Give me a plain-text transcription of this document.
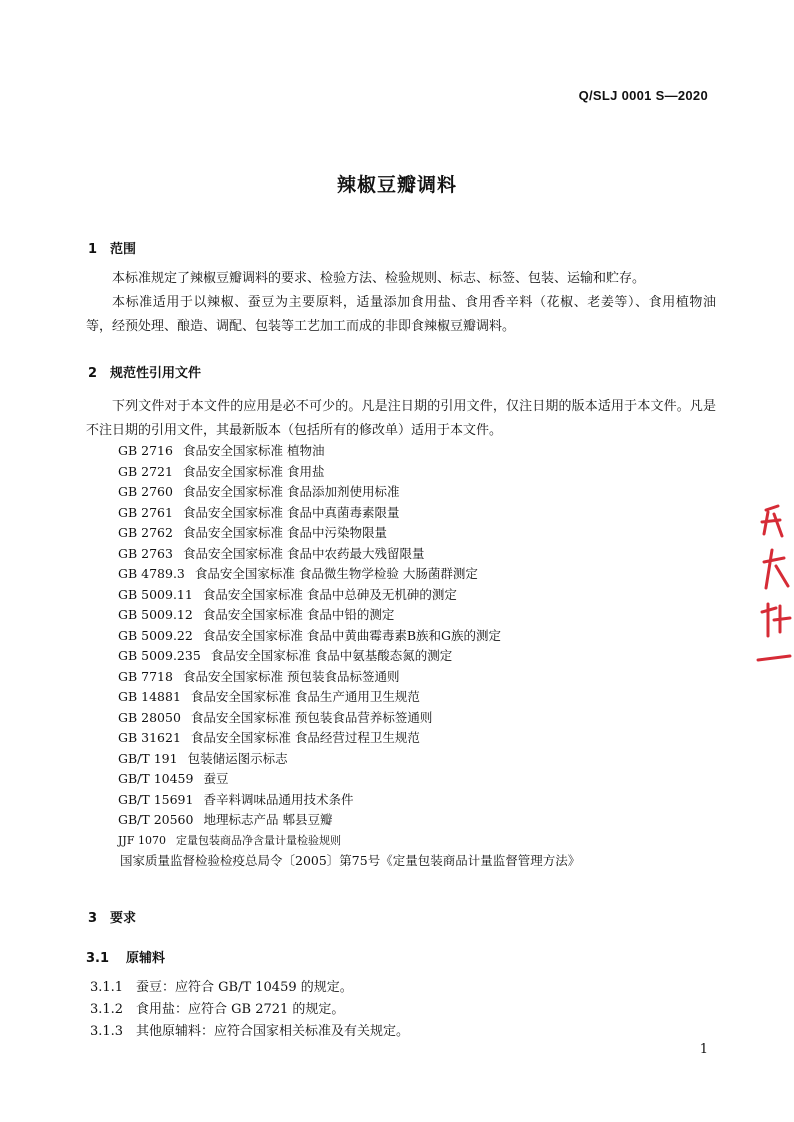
Q/SLJ 0001 S—2020
辣椒豆瓣调料
1 范围
本标准规定了辣椒豆瓣调料的要求、检验方法、检验规则、标志、标签、包装、运输和贮存。
本标准适用于以辣椒、蚕豆为主要原料，适量添加食用盐、食用香辛料（花椒、老姜等）、食用植物油等，经预处理、酿造、调配、包装等工艺加工而成的非即食辣椒豆瓣调料。
2 规范性引用文件
下列文件对于本文件的应用是必不可少的。凡是注日期的引用文件，仅注日期的版本适用于本文件。凡是不注日期的引用文件，其最新版本（包括所有的修改单）适用于本文件。
GB 2716 食品安全国家标准 植物油
GB 2721 食品安全国家标准 食用盐
GB 2760 食品安全国家标准 食品添加剂使用标准
GB 2761 食品安全国家标准 食品中真菌毒素限量
GB 2762 食品安全国家标准 食品中污染物限量
GB 2763 食品安全国家标准 食品中农药最大残留限量
GB 4789.3 食品安全国家标准 食品微生物学检验 大肠菌群测定
GB 5009.11 食品安全国家标准 食品中总砷及无机砷的测定
GB 5009.12 食品安全国家标准 食品中铅的测定
GB 5009.22 食品安全国家标准 食品中黄曲霉毒素B族和G族的测定
GB 5009.235 食品安全国家标准 食品中氨基酸态氮的测定
GB 7718 食品安全国家标准 预包装食品标签通则
GB 14881 食品安全国家标准 食品生产通用卫生规范
GB 28050 食品安全国家标准 预包装食品营养标签通则
GB 31621 食品安全国家标准 食品经营过程卫生规范
GB/T 191 包装储运图示标志
GB/T 10459 蚕豆
GB/T 15691 香辛料调味品通用技术条件
GB/T 20560 地理标志产品 郫县豆瓣
JJF 1070 定量包装商品净含量计量检验规则
国家质量监督检验检疫总局令〔2005〕第75号《定量包装商品计量监督管理方法》
3 要求
3.1 原辅料
3.1.1 蚕豆：应符合 GB/T 10459 的规定。
3.1.2 食用盐：应符合 GB 2721 的规定。
3.1.3 其他原辅料：应符合国家相关标准及有关规定。
1
